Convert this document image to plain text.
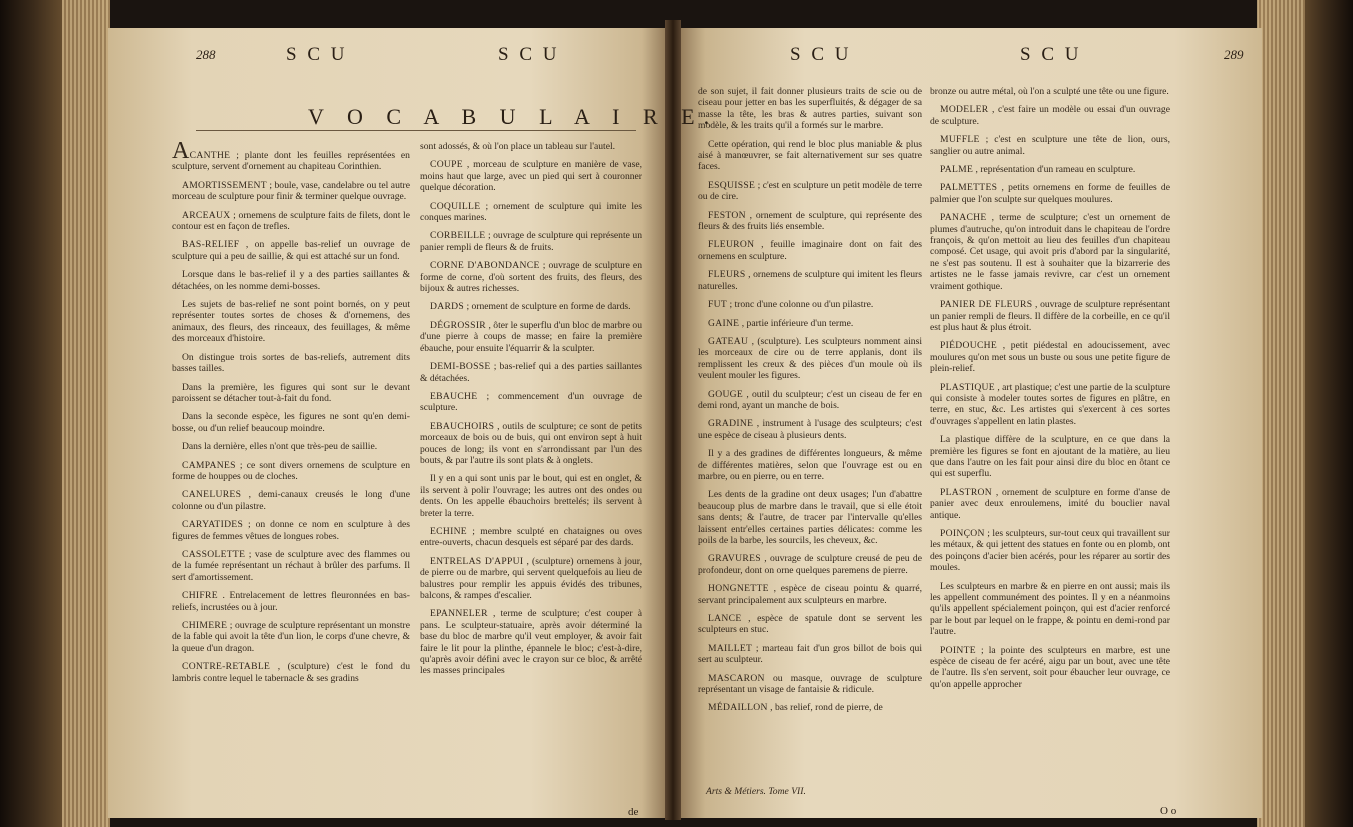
288	S C U	S C U
V O C A B U L A I R E.

ACANTHE ; plante dont les feuilles représentées en sculpture, servent d'ornement au chapiteau Corinthien.

AMORTISSEMENT ; boule, vase, candelabre ou tel autre morceau de sculpture pour finir & terminer quelque ouvrage.

ARCEAUX ; ornemens de sculpture faits de filets, dont le contour est en façon de trefles.

BAS-RELIEF , on appelle bas-relief un ouvrage de sculpture qui a peu de saillie, & qui est attaché sur un fond.

Lorsque dans le bas-relief il y a des parties saillantes & détachées, on les nomme demi-bosses.

Les sujets de bas-relief ne sont point bornés, on y peut représenter toutes sortes de choses & d'ornemens, des animaux, des fleurs, des rinceaux, des feuillages, & même des morceaux d'histoire.

On distingue trois sortes de bas-reliefs, autrement dits basses tailles.

Dans la première, les figures qui sont sur le devant paroissent se détacher tout-à-fait du fond.

Dans la seconde espèce, les figures ne sont qu'en demi-bosse, ou d'un relief beaucoup moindre.

Dans la dernière, elles n'ont que très-peu de saillie.

CAMPANES ; ce sont divers ornemens de sculpture en forme de houppes ou de cloches.

CANELURES , demi-canaux creusés le long d'une colonne ou d'un pilastre.

CARYATIDES ; on donne ce nom en sculpture à des figures de femmes vêtues de longues robes.

CASSOLETTE ; vase de sculpture avec des flammes ou de la fumée représentant un réchaut à brûler des parfums. Il sert d'amortissement.

CHIFRE . Entrelacement de lettres fleuronnées en bas-reliefs, incrustées ou à jour.

CHIMERE ; ouvrage de sculpture représentant un monstre de la fable qui avoit la tête d'un lion, le corps d'une chevre, & la queue d'un dragon.

CONTRE-RETABLE , (sculpture) c'est le fond du lambris contre lequel le tabernacle & ses gradins

sont adossés, & où l'on place un tableau sur l'autel.

COUPE , morceau de sculpture en manière de vase, moins haut que large, avec un pied qui sert à couronner quelque décoration.

COQUILLE ; ornement de sculpture qui imite les conques marines.

CORBEILLE ; ouvrage de sculpture qui représente un panier rempli de fleurs & de fruits.

CORNE D'ABONDANCE ; ouvrage de sculpture en forme de corne, d'où sortent des fruits, des fleurs, des bijoux & autres richesses.

DARDS ; ornement de sculpture en forme de dards.

DÉGROSSIR , ôter le superflu d'un bloc de marbre ou d'une pierre à coups de masse; en faire la première ébauche, pour ensuite l'équarrir & la sculpter.

DEMI-BOSSE ; bas-relief qui a des parties saillantes & détachées.

EBAUCHE ; commencement d'un ouvrage de sculpture.

EBAUCHOIRS , outils de sculpture; ce sont de petits morceaux de bois ou de buis, qui ont environ sept à huit pouces de long; ils vont en s'arrondissant par l'un des bouts, & par l'autre ils sont plats & à onglets.

Il y en a qui sont unis par le bout, qui est en onglet, & ils servent à polir l'ouvrage; les autres ont des ondes ou dents. On les appelle ébauchoirs brettelés; ils servent à breter la terre.

ECHINE ; membre sculpté en chataignes ou oves entre-ouverts, chacun desquels est séparé par des dards.

ENTRELAS D'APPUI , (sculpture) ornemens à jour, de pierre ou de marbre, qui servent quelquefois au lieu de balustres pour remplir les appuis évidés des tribunes, balcons, & rampes d'escalier.

EPANNELER , terme de sculpture; c'est couper à pans. Le sculpteur-statuaire, après avoir déterminé la base du bloc de marbre qu'il veut employer, & avoir fait faire le lit pour la plinthe, épannele le bloc; c'est-à-dire, qu'après avoir défini avec le crayon sur ce bloc, & arrêté les masses principales

de
S C U	S C U	289

de son sujet, il fait donner plusieurs traits de scie ou de ciseau pour jetter en bas les superfluités, & dégager de sa masse la tête, les bras & autres parties, suivant son modèle, & les traits qu'il a formés sur le marbre.

Cette opération, qui rend le bloc plus maniable & plus aisé à manœuvrer, se fait alternativement sur ses quatre faces.

ESQUISSE ; c'est en sculpture un petit modèle de terre ou de cire.

FESTON , ornement de sculpture, qui représente des fleurs & des fruits liés ensemble.

FLEURON , feuille imaginaire dont on fait des ornemens en sculpture.

FLEURS , ornemens de sculpture qui imitent les fleurs naturelles.

FUT ; tronc d'une colonne ou d'un pilastre.

GAINE , partie inférieure d'un terme.

GATEAU , (sculpture). Les sculpteurs nomment ainsi les morceaux de cire ou de terre applanis, dont ils remplissent les creux & des pièces d'un moule où ils veulent mouler les figures.

GOUGE , outil du sculpteur; c'est un ciseau de fer en demi rond, ayant un manche de bois.

GRADINE , instrument à l'usage des sculpteurs; c'est une espèce de ciseau à plusieurs dents.

Il y a des gradines de différentes longueurs, & même de différentes matières, selon que l'ouvrage est ou en marbre, ou en pierre, ou en terre.

Les dents de la gradine ont deux usages; l'un d'abattre beaucoup plus de marbre dans le travail, que si elle étoit sans dents; & l'autre, de tracer par l'intervalle qu'elles laissent entr'elles certaines parties délicates: comme les poils de la barbe, les sourcils, les cheveux, &c.

GRAVURES , ouvrage de sculpture creusé de peu de profondeur, dont on orne quelques paremens de pierre.

HONGNETTE , espèce de ciseau pointu & quarré, servant principalement aux sculpteurs en marbre.

LANCE , espèce de spatule dont se servent les sculpteurs en stuc.

MAILLET ; marteau fait d'un gros billot de bois qui sert au sculpteur.

MASCARON ou masque, ouvrage de sculpture représentant un visage de fantaisie & ridicule.

MÉDAILLON , bas relief, rond de pierre, de

Arts & Métiers. Tome VII.

bronze ou autre métal, où l'on a sculpté une tête ou une figure.

MODELER , c'est faire un modèle ou essai d'un ouvrage de sculpture.

MUFFLE ; c'est en sculpture une tête de lion, ours, sanglier ou autre animal.

PALME , représentation d'un rameau en sculpture.

PALMETTES , petits ornemens en forme de feuilles de palmier que l'on sculpte sur quelques moulures.

PANACHE , terme de sculpture; c'est un ornement de plumes d'autruche, qu'on introduit dans le chapiteau de l'ordre françois, & qu'on mettoit au lieu des feuilles d'un chapiteau composé. Cet usage, qui avoit pris d'abord par la singularité, ne s'est pas soutenu. Il est à souhaiter que la bizarrerie des artistes ne le fasse jamais revivre, car c'est un ornement vraiment gothique.

PANIER DE FLEURS , ouvrage de sculpture représentant un panier rempli de fleurs. Il diffère de la corbeille, en ce qu'il est plus haut & plus étroit.

PIÉDOUCHE , petit piédestal en adoucissement, avec moulures qu'on met sous un buste ou sous une petite figure de plein-relief.

PLASTIQUE , art plastique; c'est une partie de la sculpture qui consiste à modeler toutes sortes de figures en plâtre, en terre, en stuc, &c. Les artistes qui s'exercent à ces sortes d'ouvrages s'appellent en latin plastes.

La plastique diffère de la sculpture, en ce que dans la première les figures se font en ajoutant de la matière, au lieu que dans l'autre on les fait pour ainsi dire du bloc en ôtant ce qui est superflu.

PLASTRON , ornement de sculpture en forme d'anse de panier avec deux enroulemens, imité du bouclier naval antique.

POINÇON ; les sculpteurs, sur-tout ceux qui travaillent sur les métaux, & qui jettent des statues en fonte ou en plomb, ont des poinçons d'acier bien acérés, pour les réparer au sortir des moules.

Les sculpteurs en marbre & en pierre en ont aussi; mais ils les appellent communément des pointes. Il y en a néanmoins qu'ils appellent spécialement poinçon, qui est d'acier renforcé par le bout par lequel on le frappe, & pointu en demi-rond par l'autre.

POINTE ; la pointe des sculpteurs en marbre, est une espèce de ciseau de fer acéré, aigu par un bout, avec une tête de l'autre. Ils s'en servent, soit pour ébaucher leur ouvrage, ce qu'on appelle approcher

O o
